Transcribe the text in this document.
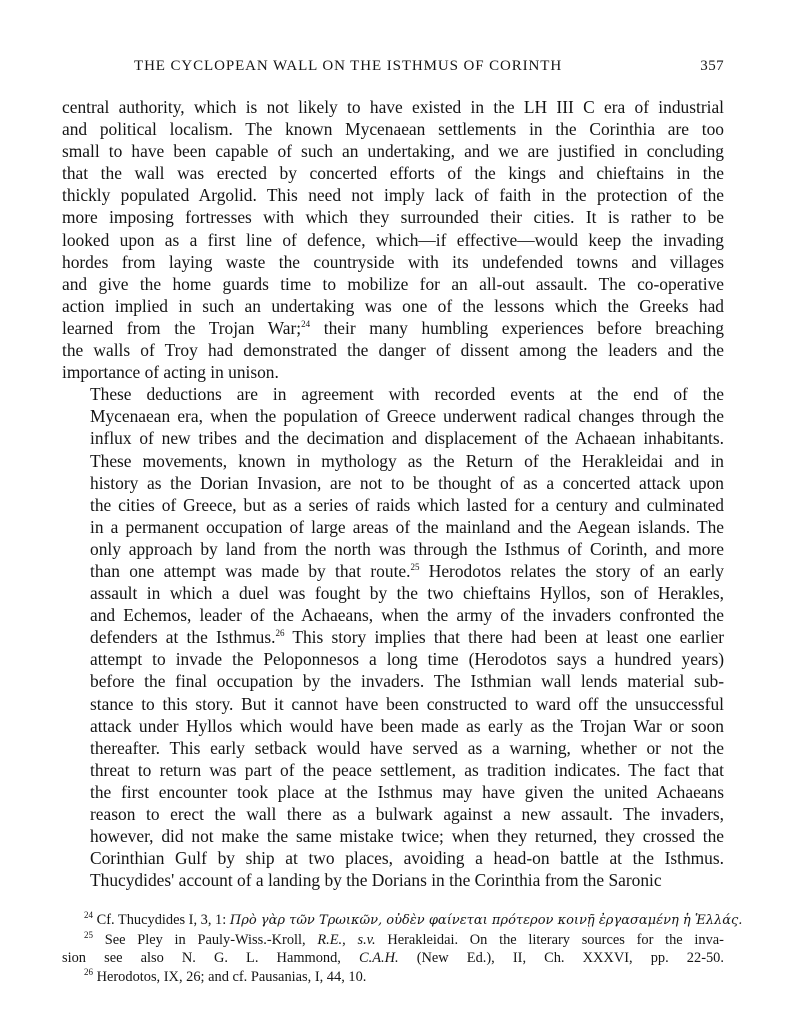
THE CYCLOPEAN WALL ON THE ISTHMUS OF CORINTH	357

central authority, which is not likely to have existed in the LH III C era of industrial
and political localism. The known Mycenaean settlements in the Corinthia are too
small to have been capable of such an undertaking, and we are justified in concluding
that the wall was erected by concerted efforts of the kings and chieftains in the
thickly populated Argolid. This need not imply lack of faith in the protection of the
more imposing fortresses with which they surrounded their cities. It is rather to be
looked upon as a first line of defence, which—if effective—would keep the invading
hordes from laying waste the countryside with its undefended towns and villages
and give the home guards time to mobilize for an all-out assault. The co-operative
action implied in such an undertaking was one of the lessons which the Greeks had
learned from the Trojan War;$^{24}$ their many humbling experiences before breaching
the walls of Troy had demonstrated the danger of dissent among the leaders and the
importance of acting in unison.

These deductions are in agreement with recorded events at the end of the
Mycenaean era, when the population of Greece underwent radical changes through the
influx of new tribes and the decimation and displacement of the Achaean inhabitants.
These movements, known in mythology as the Return of the Herakleidai and in
history as the Dorian Invasion, are not to be thought of as a concerted attack upon
the cities of Greece, but as a series of raids which lasted for a century and culminated
in a permanent occupation of large areas of the mainland and the Aegean islands. The
only approach by land from the north was through the Isthmus of Corinth, and more
than one attempt was made by that route.$^{25}$ Herodotos relates the story of an early
assault in which a duel was fought by the two chieftains Hyllos, son of Herakles,
and Echemos, leader of the Achaeans, when the army of the invaders confronted the
defenders at the Isthmus.$^{26}$ This story implies that there had been at least one earlier
attempt to invade the Peloponnesos a long time (Herodotos says a hundred years)
before the final occupation by the invaders. The Isthmian wall lends material sub-
stance to this story. But it cannot have been constructed to ward off the unsuccessful
attack under Hyllos which would have been made as early as the Trojan War or soon
thereafter. This early setback would have served as a warning, whether or not the
threat to return was part of the peace settlement, as tradition indicates. The fact that
the first encounter took place at the Isthmus may have given the united Achaeans
reason to erect the wall there as a bulwark against a new assault. The invaders,
however, did not make the same mistake twice; when they returned, they crossed the
Corinthian Gulf by ship at two places, avoiding a head-on battle at the Isthmus.
Thucydides' account of a landing by the Dorians in the Corinthia from the Saronic

$^{24}$ Cf. Thucydides I, 3, 1: Πρὸ γὰρ τῶν Τρωικῶν, οὐδὲν φαίνεται πρότερον κοινῇ ἐργασαμένη ἡ Ἑλλάς.
$^{25}$ See Pley in Pauly-Wiss.-Kroll, R.E., s.v. Herakleidai. On the literary sources for the inva-
sion see also N. G. L. Hammond, C.A.H. (New Ed.), II, Ch. XXXVI, pp. 22-50.
$^{26}$ Herodotos, IX, 26; and cf. Pausanias, I, 44, 10.
